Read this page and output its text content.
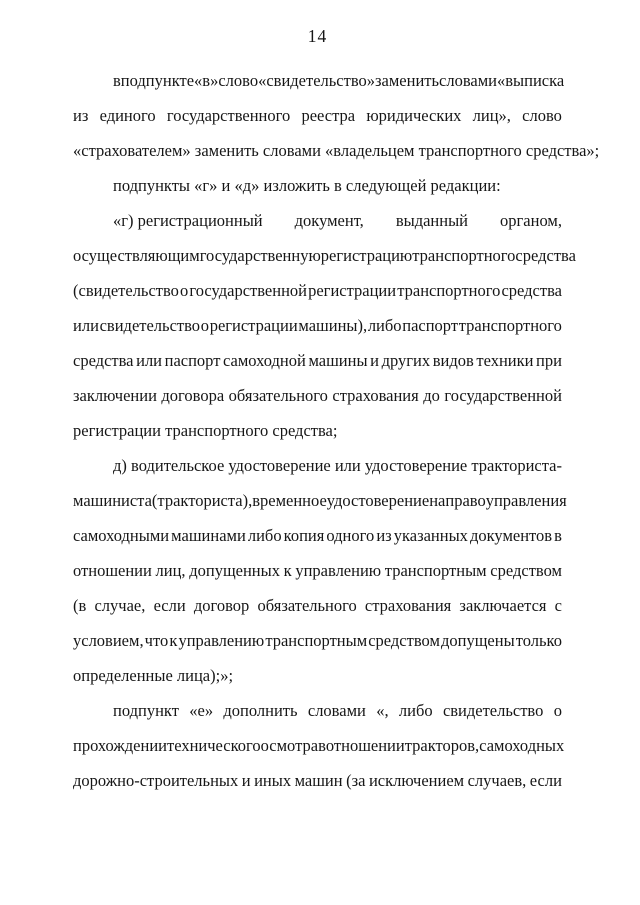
14
в подпункте «в» слово «свидетельство» заменить словами «выписка
из единого государственного реестра юридических лиц», слово
«страхователем» заменить словами «владельцем транспортного средства»;
подпункты «г» и «д» изложить в следующей редакции:
«г) регистрационный документ, выданный органом,
осуществляющим государственную регистрацию транспортного средства
(свидетельство о государственной регистрации транспортного средства
или свидетельство о регистрации машины), либо паспорт транспортного
средства или паспорт самоходной машины и других видов техники при
заключении договора обязательного страхования до государственной
регистрации транспортного средства;
д) водительское удостоверение или удостоверение тракториста-
машиниста (тракториста), временное удостоверение на право управления
самоходными машинами либо копия одного из указанных документов в
отношении лиц, допущенных к управлению транспортным средством
(в случае, если договор обязательного страхования заключается с
условием, что к управлению транспортным средством допущены только
определенные лица);»;
подпункт «е» дополнить словами «, либо свидетельство о
прохождении технического осмотра в отношении тракторов, самоходных
дорожно-строительных и иных машин (за исключением случаев, если
